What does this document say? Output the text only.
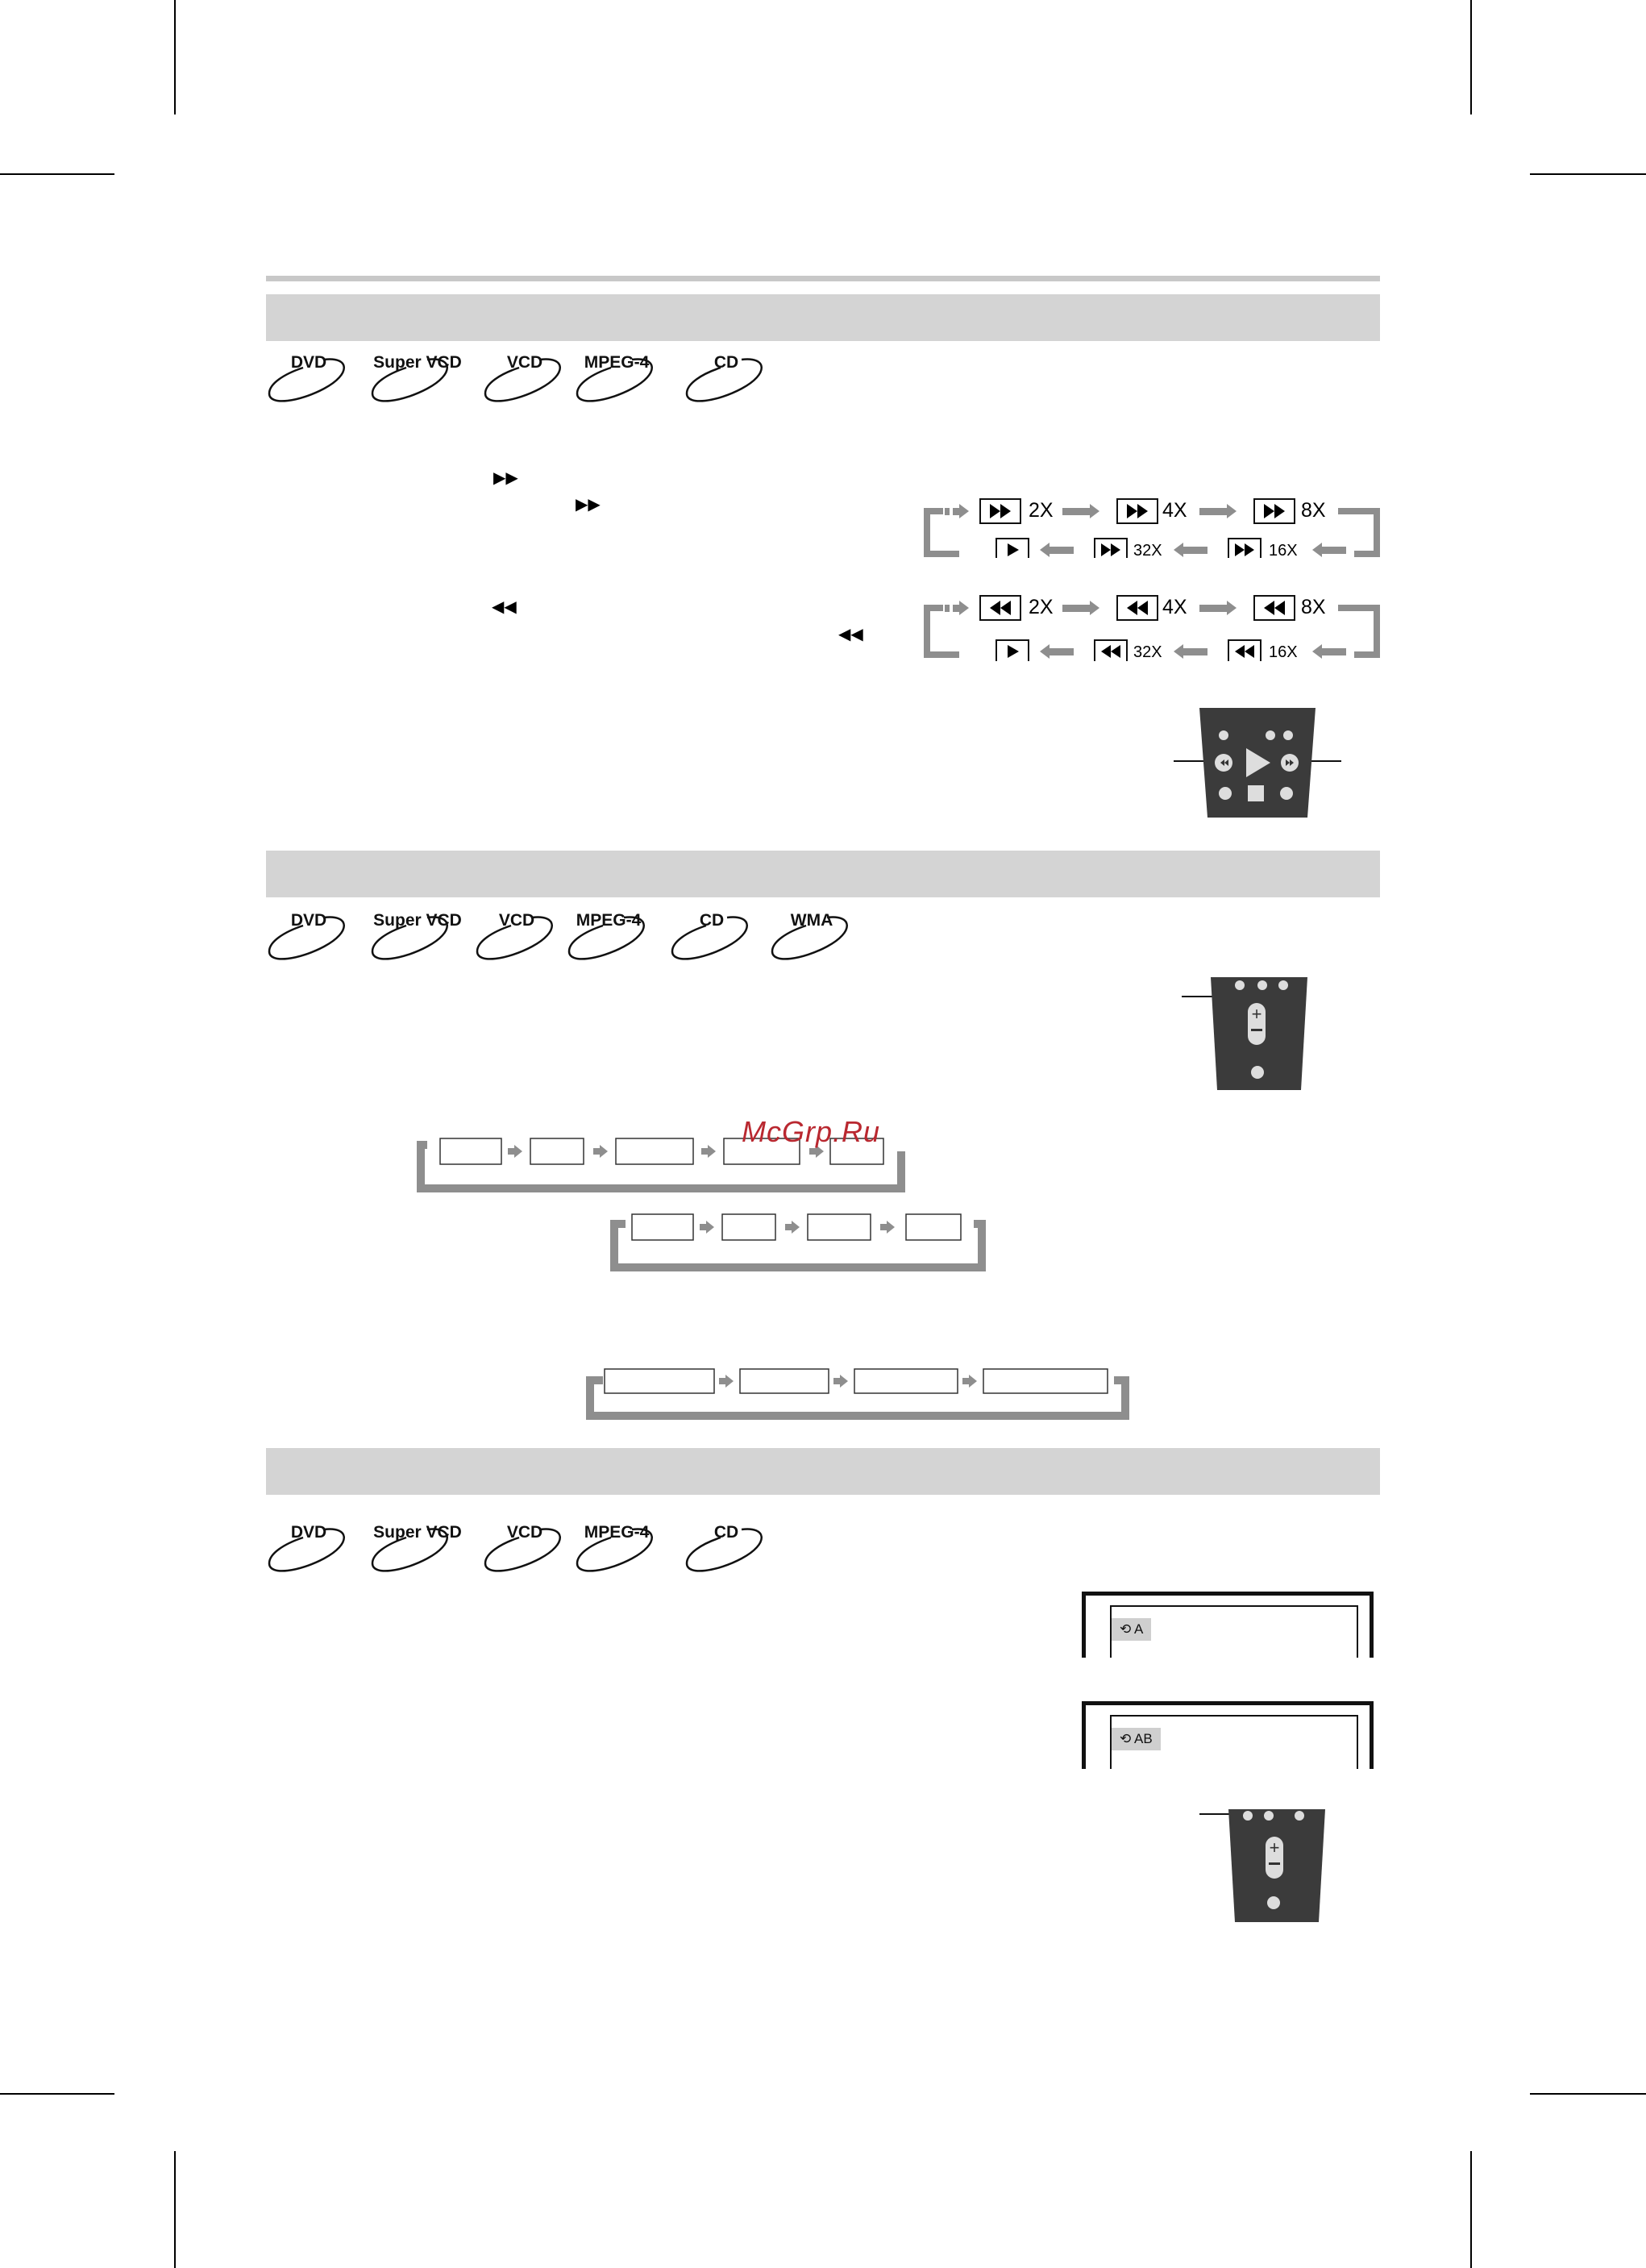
DVD	Super VCD	VCD	MPEG-4	CD
▶▶
▶▶
◀◀
◀◀
2X	4X	8X
32X	16X
2X	4X	8X
32X	16X
DVD	Super VCD	VCD	MPEG-4	CD	WMA
+
McGrp.Ru
DVD	Super VCD	VCD	MPEG-4	CD
⟲ A
⟲ AB
+
